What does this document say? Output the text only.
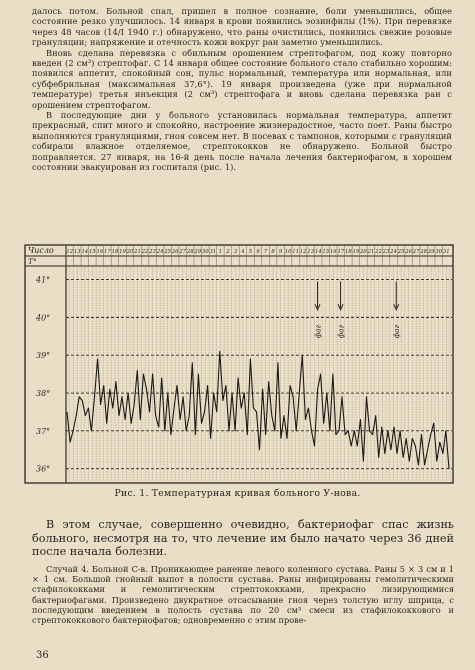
далось потом. Больной спал, пришел в полное сознание, боли уменьшились, общее состояние резко улучшилось. 14 января в крови появились эозинфилы (1%). При перевязке через 48 часов (14/I 1940 г.) обнаружено, что раны очистились, появились свежие розовые грануляции; напряжение и отечность кожи вокруг ран заметно уменьшились.

Вновь сделана перевязка с обильным орошением стрептофагом, под кожу повторно введен (2 см³) стрептофаг. С 14 января общее состояние больного стало стабильно хорошим: появился аппетит, спокойный сон, пульс нормальный, температура или нормальная, или субфебрильная (максимальная 37,6°). 19 января произведена (уже при нормальной температуре) третья инъекция (2 см³) стрептофага и вновь сделана перевязка ран с орошением стрептофагом.

В последующие дни у больного установилась нормальная температура, аппетит прекрасный, спит много и спокойно, настроение жизнерадостное, часто поет. Раны быстро выполняются грануляциями, гноя совсем нет. В посевах с тампонов, которыми с грануляций собирали влажное отделяемое, стрептококков не обнаружено. Больной быстро поправляется. 27 января, на 16-й день после начала лечения бактериофагом, в хорошем состоянии эвакуирован из госпиталя (рис. 1).

Число
T°
12 13 14 15 16 17 18 19 20 21 22 23 24 25 26 27 28 29 30 31 1 2 3 4 5 6 7 8 9 10 11 12 13 14 15 16 17 18 19 20 21 22 23 24 25 26 27 28 29 30 31
41°
40°
39°
38°
37°
36°
фаг фаг	фаг
Рис. 1. Температурная кривая больного У-нова.

В этом случае, совершенно очевидно, бактериофаг спас жизнь больного, несмотря на то, что лечение им было начато через 36 дней после начала болезни.

Случай 4. Больной С-в. Проникающее ранение левого коленного сустава. Раны 5 × 3 см и 1 × 1 см. Большой гнойный выпот в полости сустава. Раны инфицированы гемолитическими стафилококками и гемолитическим стрептококками, прекрасно лизирующимися бактериофагами. Произведено двукратное отсасывание гноя через толстую иглу шприца, с последующим введением в полость сустава по 20 см³ смеси из стафилококкового и стрептококкового бактериофагов; одновременно с этим прове-

36
